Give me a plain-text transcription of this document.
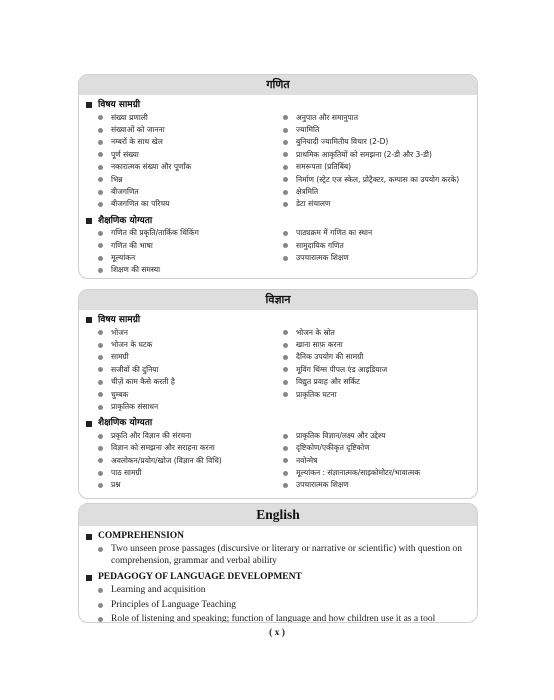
गणित
विषय सामग्री
संख्या प्रणाली
संख्याओं को जानना
नम्बरों के साथ खेल
पूर्ण संख्या
नकारात्मक संख्या और पूर्णांक
भिन्न
बीजगणित
बीजगणित का परिचय
अनुपात और समानुपात
ज्यामिति
बुनियादी ज्यामितीय विचार (2-D)
प्राथमिक आकृतियों को समझना (2-डी और 3-डी)
समरूपता (प्रतिबिंब)
निर्माण (स्ट्रेट एज स्केल, प्रोट्रैक्टर, कम्पास का उपयोग करके)
क्षेत्रमिति
डेटा संचालण
शैक्षणिक योग्यता
गणित की प्रकृति/तार्किक थिंकिंग
गणित की भाषा
मूल्यांकन
शिक्षण की समस्या
पाठ्यक्रम में गणित का स्थान
सामुदायिक गणित
उपचारात्मक शिक्षण
विज्ञान
विषय सामग्री
भोजन
भोजन के घटक
सामग्री
सजीवों की दुनिया
चीज़ें काम कैसे करती है
चुम्बक
प्राकृतिक संसाधन
भोजन के स्रोत
खाना साफ़ करना
दैनिक उपयोग की सामग्री
मूविंग थिंग्स पीपल एंड आइडियाज
विद्युत प्रवाह और सर्किट
प्राकृतिक घटना
शैक्षणिक योग्यता
प्रकृति और विज्ञान की संरचना
विज्ञान को समझना और सराहना करना
अवलोकन/प्रयोग/खोज (विज्ञान की विधि)
पाठ सामग्री
प्रश्न
प्राकृतिक विज्ञान/लक्ष्य और उद्देश्य
दृष्टिकोण/एकीकृत दृष्टिकोण
नवोन्मेष
मूल्यांकन : संज्ञानात्मक/साइकोमोटर/भावात्मक
उपचारात्मक शिक्षण
English
COMPREHENSION
Two unseen prose passages (discursive or literary or narrative or scientific) with question on comprehension, grammar and verbal ability
PEDAGOGY OF LANGUAGE DEVELOPMENT
Learning and acquisition
Principles of Language Teaching
Role of listening and speaking; function of language and how children use it as a tool
( x )
